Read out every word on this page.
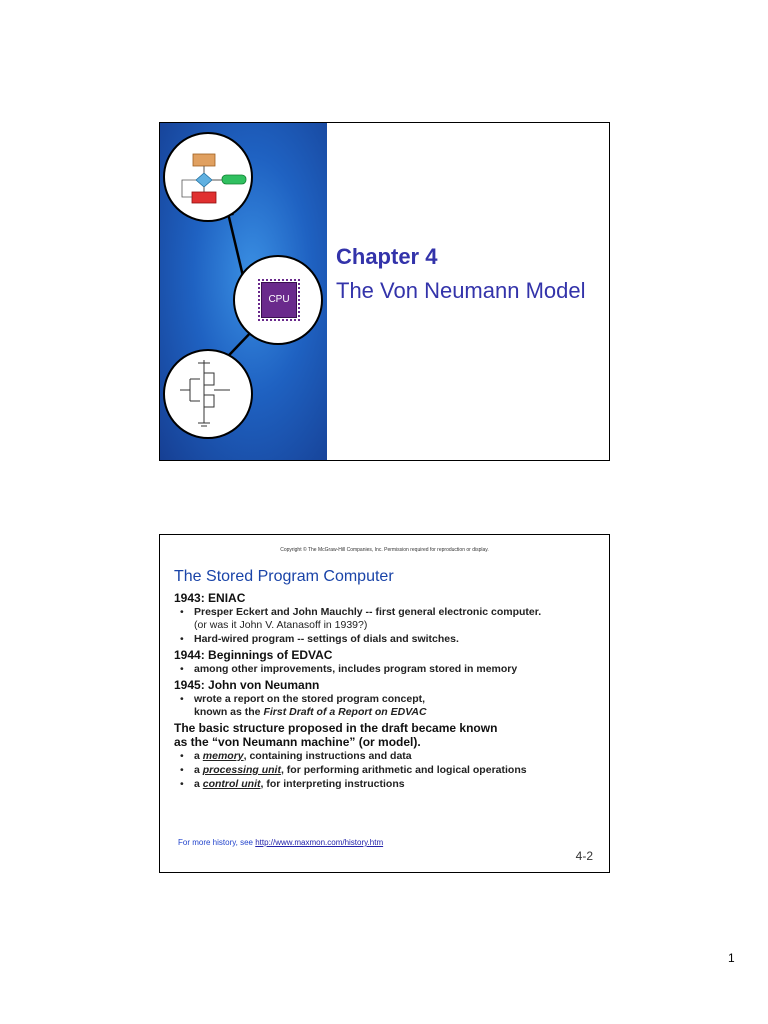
CPU
Chapter 4
The Von Neumann Model
Copyright © The McGraw-Hill Companies, Inc. Permission required for reproduction or display.
The Stored Program Computer

1943: ENIAC

• Presper Eckert and John Mauchly -- first general electronic computer.
(or was it John V. Atanasoff in 1939?)
• Hard-wired program -- settings of dials and switches.

1944: Beginnings of EDVAC

• among other improvements, includes program stored in memory

1945: John von Neumann

• wrote a report on the stored program concept,
known as the First Draft of a Report on EDVAC

The basic structure proposed in the draft became known

as the “von Neumann machine” (or model).

• a memory, containing instructions and data
• a processing unit, for performing arithmetic and logical operations
• a control unit, for interpreting instructions
For more history, see http://www.maxmon.com/history.htm
4-2
1
